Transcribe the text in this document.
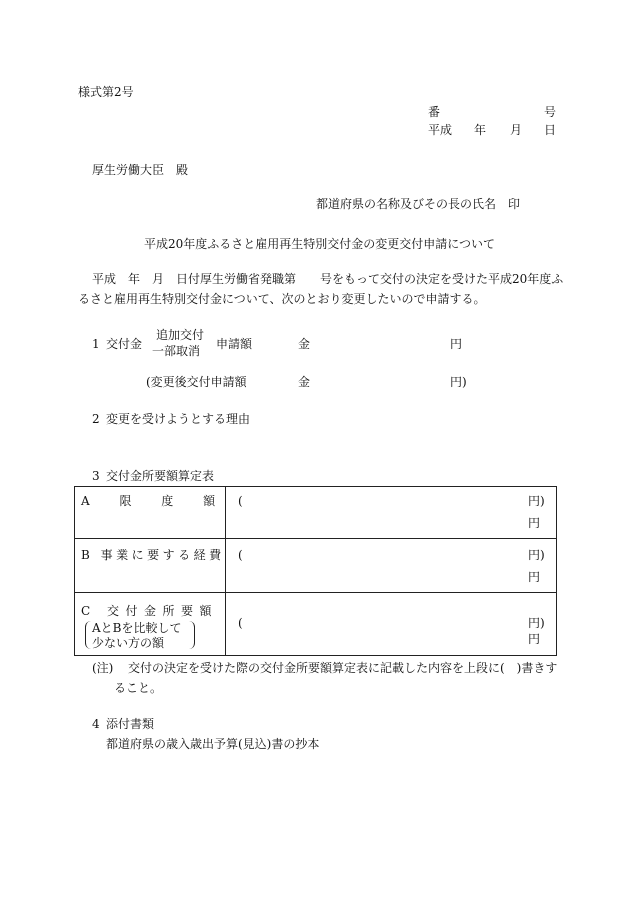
様式第2号
番	号
平成 年 月 日
厚生労働大臣　殿
都道府県の名称及びその長の氏名　印
平成20年度ふるさと雇用再生特別交付金の変更交付申請について
平成　年　月　日付厚生労働省発職第　　号をもって交付の決定を受けた平成20年度ふ
るさと雇用再生特別交付金について、次のとおり変更したいので申請する。
1 交付金
追加交付
一部取消 申請額	金	円
(変更後交付申請額	金	円)
2 変更を受けようとする理由
3 交付金所要額算定表
A 限 度 額	( 円)
円

B 事業に要する経費	( 円)
円

C 交付金所要額
AとBを比較して
少ない方の額	( 円)
円
(注) 交付の決定を受けた際の交付金所要額算定表に記載した内容を上段に(　)書きす
ること。
4 添付書類
都道府県の歳入歳出予算(見込)書の抄本
